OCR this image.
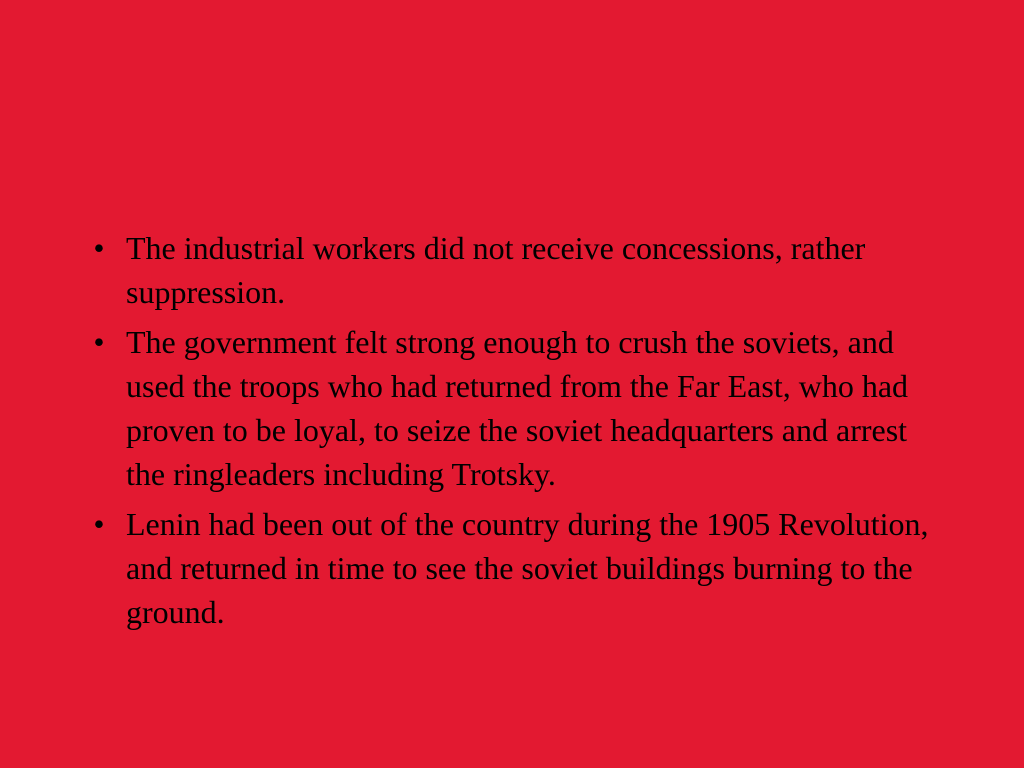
• The industrial workers did not receive concessions, rather suppression.
• The government felt strong enough to crush the soviets, and used the troops who had returned from the Far East, who had proven to be loyal, to seize the soviet headquarters and arrest the ringleaders including Trotsky.
• Lenin had been out of the country during the 1905 Revolution, and returned in time to see the soviet buildings burning to the ground.
